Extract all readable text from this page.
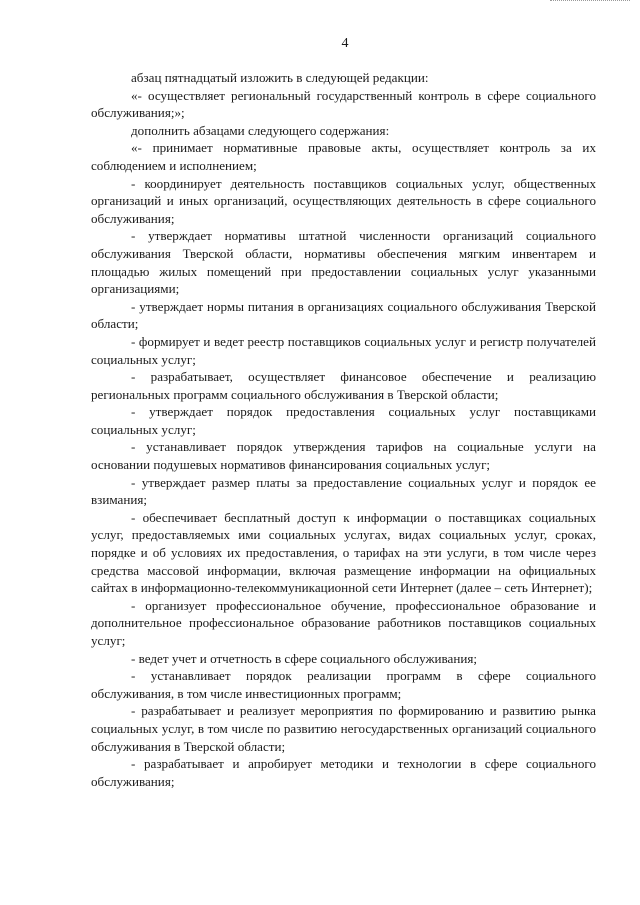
4

абзац пятнадцатый изложить в следующей редакции:

«- осуществляет региональный государственный контроль в сфере социального обслуживания;»;

дополнить абзацами следующего содержания:

«- принимает нормативные правовые акты, осуществляет контроль за их соблюдением и исполнением;

- координирует деятельность поставщиков социальных услуг, общественных организаций и иных организаций, осуществляющих деятельность в сфере социального обслуживания;

- утверждает нормативы штатной численности организаций социального обслуживания Тверской области, нормативы обеспечения мягким инвентарем и площадью жилых помещений при предоставлении социальных услуг указанными организациями;

- утверждает нормы питания в организациях социального обслуживания Тверской области;

- формирует и ведет реестр поставщиков социальных услуг и регистр получателей социальных услуг;

- разрабатывает, осуществляет финансовое обеспечение и реализацию региональных программ социального обслуживания в Тверской области;

- утверждает порядок предоставления социальных услуг поставщиками социальных услуг;

- устанавливает порядок утверждения тарифов на социальные услуги на основании подушевых нормативов финансирования социальных услуг;

- утверждает размер платы за предоставление социальных услуг и порядок ее взимания;

- обеспечивает бесплатный доступ к информации о поставщиках социальных услуг, предоставляемых ими социальных услугах, видах социальных услуг, сроках, порядке и об условиях их предоставления, о тарифах на эти услуги, в том числе через средства массовой информации, включая размещение информации на официальных сайтах в информационно-телекоммуникационной сети Интернет (далее – сеть Интернет);

- организует профессиональное обучение, профессиональное образование и дополнительное профессиональное образование работников поставщиков социальных услуг;

- ведет учет и отчетность в сфере социального обслуживания;

- устанавливает порядок реализации программ в сфере социального обслуживания, в том числе инвестиционных программ;

- разрабатывает и реализует мероприятия по формированию и развитию рынка социальных услуг, в том числе по развитию негосударственных организаций социального обслуживания в Тверской области;

- разрабатывает и апробирует методики и технологии в сфере социального обслуживания;
